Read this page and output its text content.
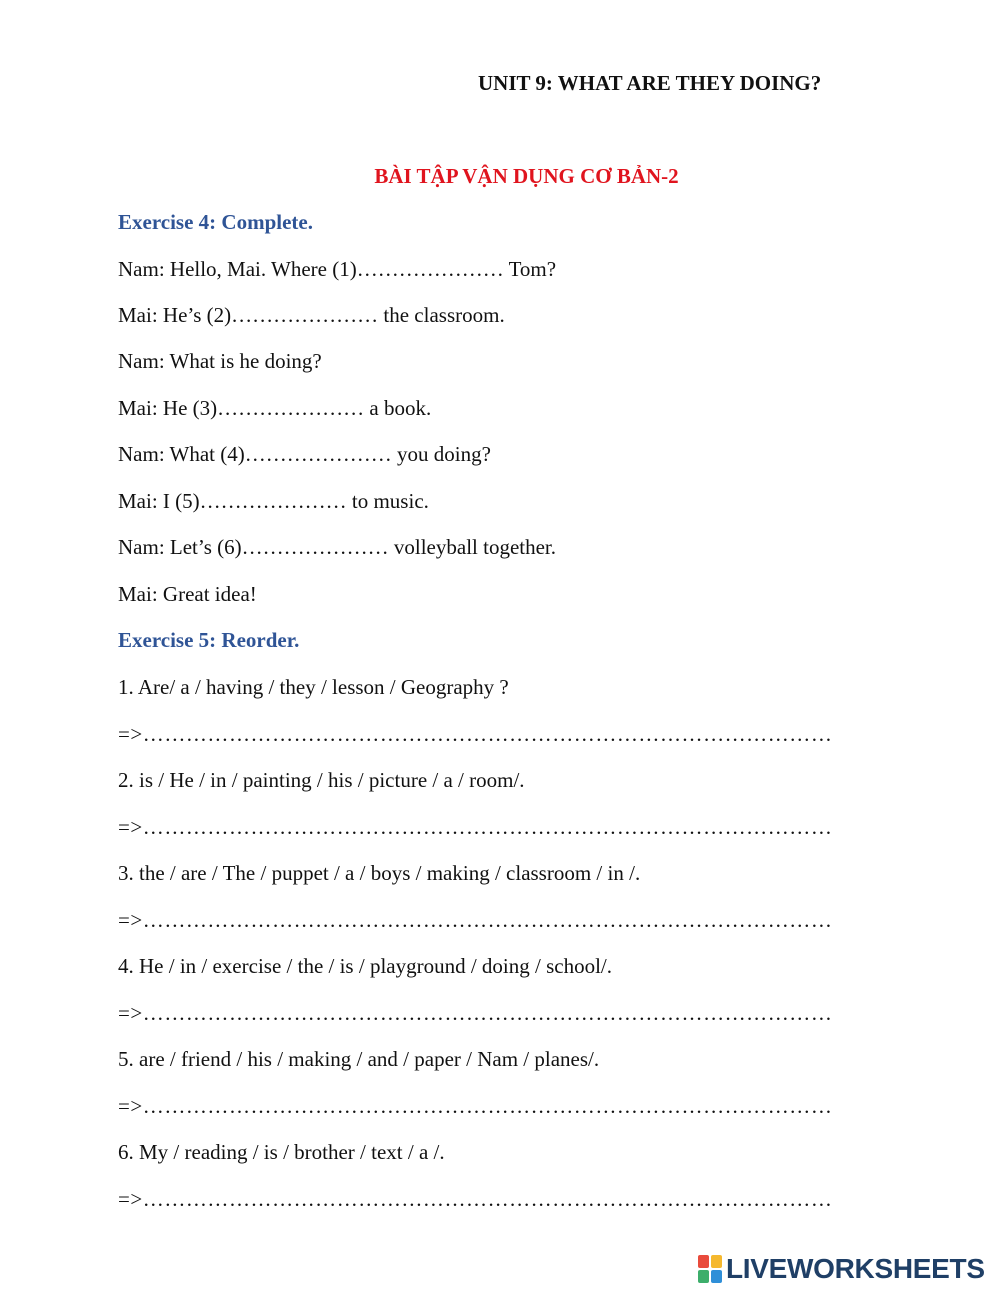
UNIT 9: WHAT ARE THEY DOING?

BÀI TẬP VẬN DỤNG CƠ BẢN-2

Exercise 4: Complete.

Nam: Hello, Mai. Where (1)………………… Tom?

Mai: He’s (2)………………… the classroom.

Nam: What is he doing?

Mai: He (3)………………… a book.

Nam: What (4)………………… you doing?

Mai: I (5)………………… to music.

Nam: Let’s (6)………………… volleyball together.

Mai: Great idea!

Exercise 5: Reorder.

1. Are/ a / having / they / lesson / Geography ?

=>……………………………………………………………………………………

2. is / He / in / painting / his / picture / a / room/.

=>……………………………………………………………………………………

3. the / are / The / puppet / a / boys / making / classroom / in /.

=>……………………………………………………………………………………

4. He / in / exercise / the / is / playground / doing / school/.

=>……………………………………………………………………………………

5. are / friend / his / making / and / paper / Nam / planes/.

=>……………………………………………………………………………………

6. My / reading / is / brother / text / a /.

=>……………………………………………………………………………………

LIVEWORKSHEETS
